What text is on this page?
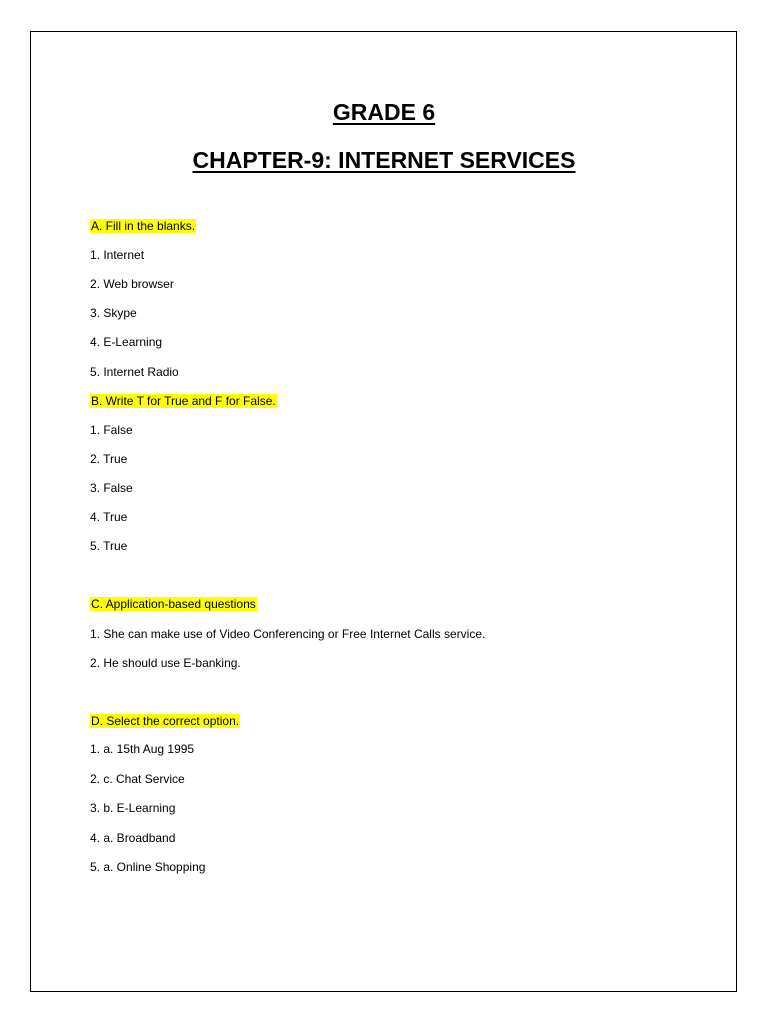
GRADE 6
CHAPTER-9: INTERNET SERVICES
A. Fill in the blanks.
1. Internet
2. Web browser
3. Skype
4. E-Learning
5. Internet Radio
B. Write T for True and F for False.
1. False
2. True
3. False
4. True
5. True
C. Application-based questions
1. She can make use of Video Conferencing or Free Internet Calls service.
2. He should use E-banking.
D. Select the correct option.
1. a. 15th Aug 1995
2. c. Chat Service
3. b. E-Learning
4. a. Broadband
5. a. Online Shopping
